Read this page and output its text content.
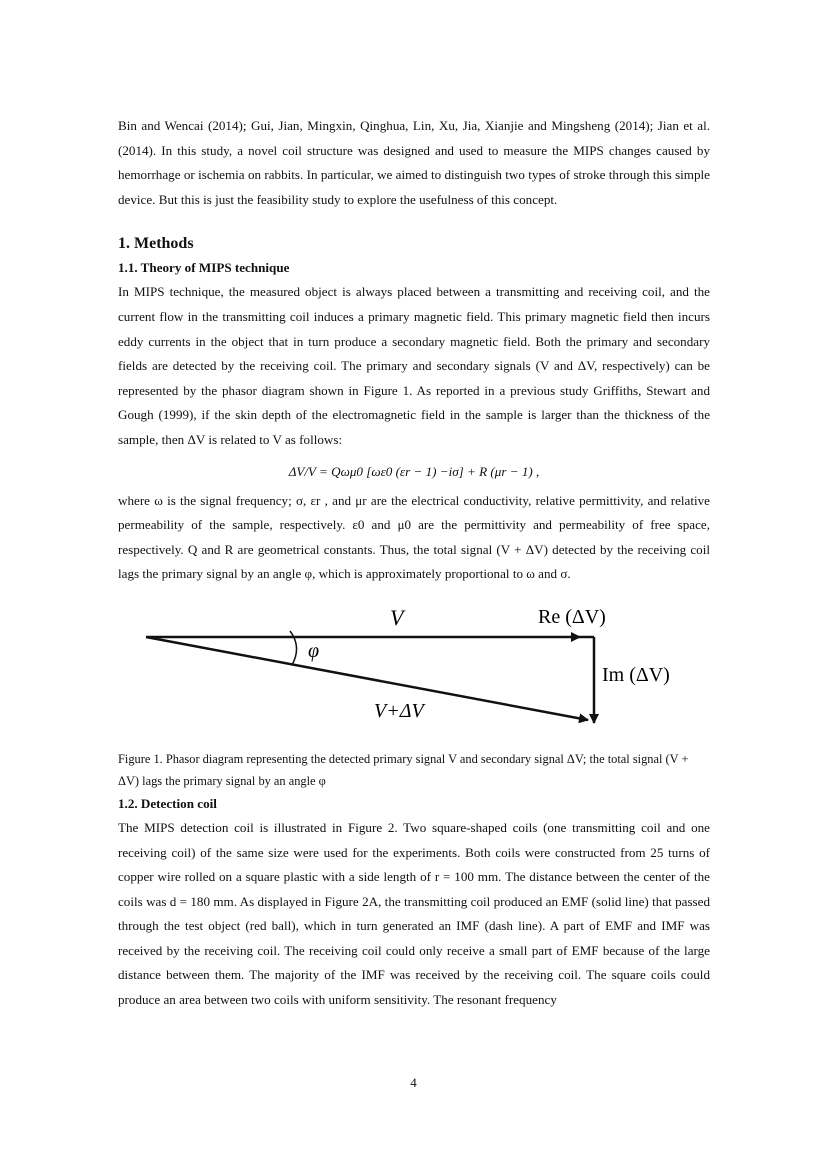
Bin and Wencai (2014); Gui, Jian, Mingxin, Qinghua, Lin, Xu, Jia, Xianjie and Mingsheng (2014); Jian et al. (2014). In this study, a novel coil structure was designed and used to measure the MIPS changes caused by hemorrhage or ischemia on rabbits. In particular, we aimed to distinguish two types of stroke through this simple device. But this is just the feasibility study to explore the usefulness of this concept.

1. Methods
1.1. Theory of MIPS technique

In MIPS technique, the measured object is always placed between a transmitting and receiving coil, and the current flow in the transmitting coil induces a primary magnetic field. This primary magnetic field then incurs eddy currents in the object that in turn produce a secondary magnetic field. Both the primary and secondary fields are detected by the receiving coil. The primary and secondary signals (V and ΔV, respectively) can be represented by the phasor diagram shown in Figure 1. As reported in a previous study Griffiths, Stewart and Gough (1999), if the skin depth of the electromagnetic field in the sample is larger than the thickness of the sample, then ΔV is related to V as follows:

ΔV/V = Qωμ0 [ωε0 (εr − 1) −iσ] + R (μr − 1) ,

where ω is the signal frequency; σ, εr , and μr are the electrical conductivity, relative permittivity, and relative permeability of the sample, respectively. ε0 and μ0 are the permittivity and permeability of free space, respectively. Q and R are geometrical constants. Thus, the total signal (V + ΔV) detected by the receiving coil lags the primary signal by an angle φ, which is approximately proportional to ω and σ.

V	Re (ΔV)
φ
Im (ΔV)
V+ΔV
Figure 1. Phasor diagram representing the detected primary signal V and secondary signal ΔV; the total signal (V + ΔV) lags the primary signal by an angle φ
1.2. Detection coil

The MIPS detection coil is illustrated in Figure 2. Two square-shaped coils (one transmitting coil and one receiving coil) of the same size were used for the experiments. Both coils were constructed from 25 turns of copper wire rolled on a square plastic with a side length of r = 100 mm. The distance between the center of the coils was d = 180 mm. As displayed in Figure 2A, the transmitting coil produced an EMF (solid line) that passed through the test object (red ball), which in turn generated an IMF (dash line). A part of EMF and IMF was received by the receiving coil. The receiving coil could only receive a small part of EMF because of the large distance between them. The majority of the IMF was received by the receiving coil. The square coils could produce an area between two coils with uniform sensitivity. The resonant frequency

4
